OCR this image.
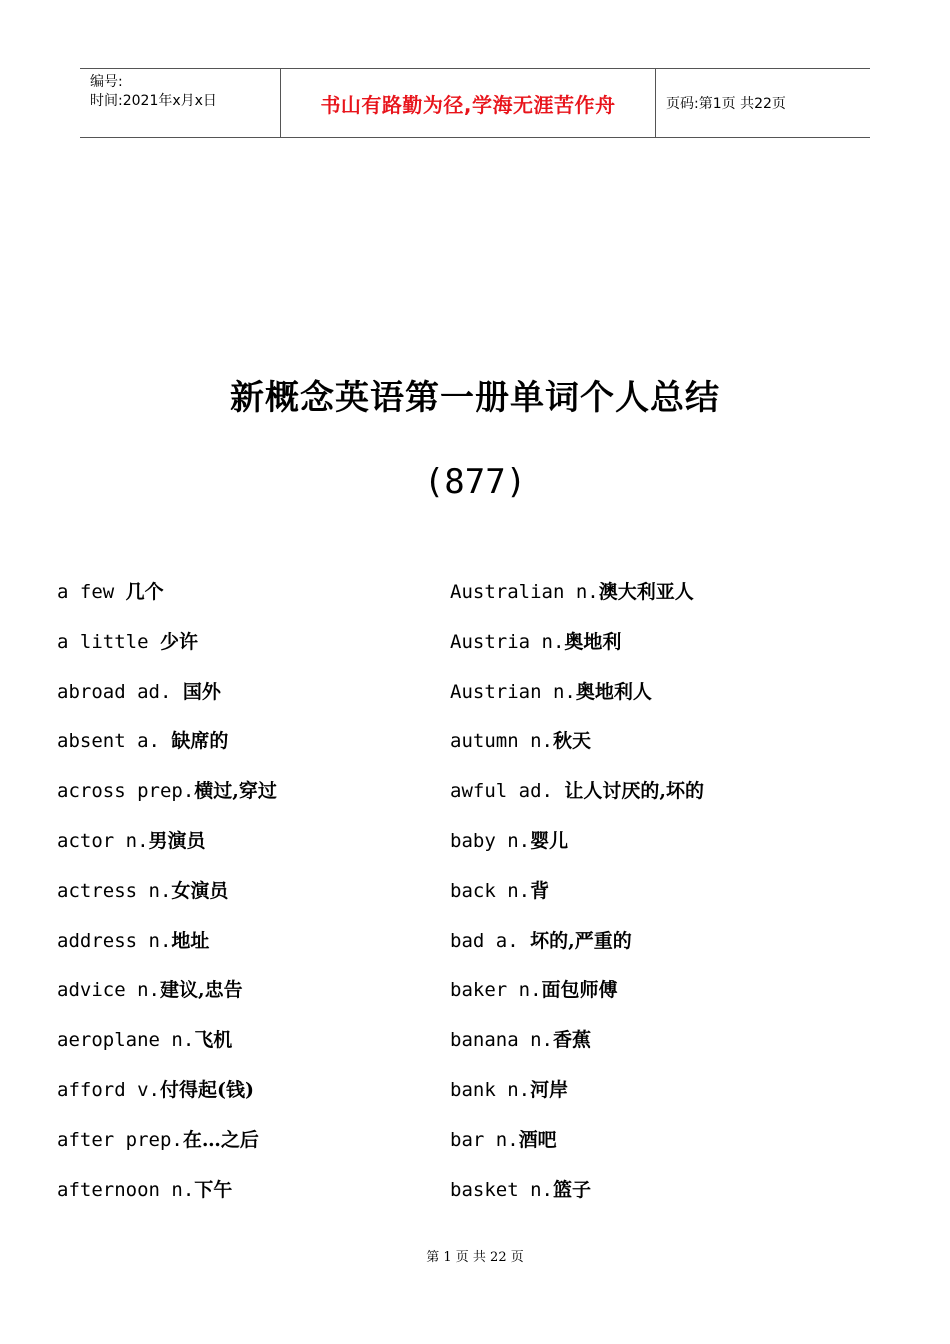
编号:
时间:2021年x月x日	书山有路勤为径,学海无涯苦作舟	页码:第1页 共22页
新概念英语第一册单词个人总结
(877)
a few 几个
a little 少许
abroad ad. 国外
absent a. 缺席的
across prep.横过,穿过
actor n.男演员
actress n.女演员
address n.地址
advice n.建议,忠告
aeroplane n.飞机
afford v.付得起(钱)
after prep.在…之后
afternoon n.下午
Australian n.澳大利亚人
Austria n.奥地利
Austrian n.奥地利人
autumn n.秋天
awful ad. 让人讨厌的,坏的
baby n.婴儿
back n.背
bad a. 坏的,严重的
baker n.面包师傅
banana n.香蕉
bank n.河岸
bar n.酒吧
basket n.篮子
第 1 页 共 22 页
